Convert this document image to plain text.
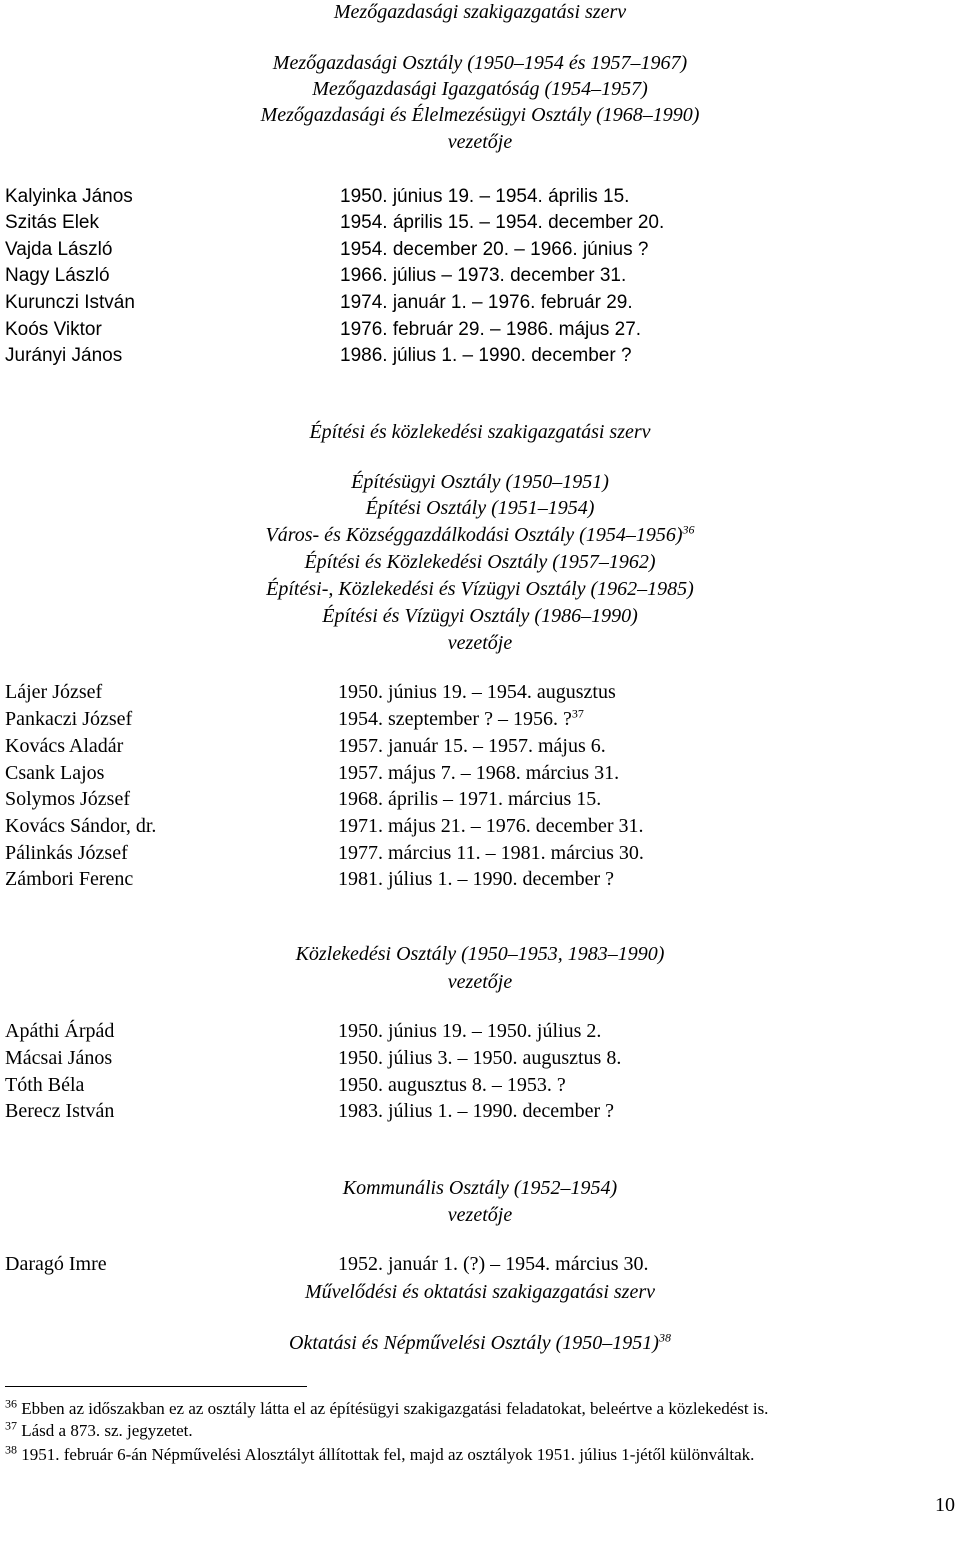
Mezőgazdasági szakigazgatási szerv
Mezőgazdasági Osztály (1950–1954 és 1957–1967)
Mezőgazdasági Igazgatóság (1954–1957)
Mezőgazdasági és Élelmezésügyi Osztály (1968–1990)
vezetője
Kalyinka János	1950. június 19. – 1954. április 15.
Szitás Elek	1954. április 15. – 1954. december 20.
Vajda László	1954. december 20. – 1966. június ?
Nagy László	1966. július – 1973. december 31.
Kurunczi István	1974. január 1. – 1976. február 29.
Koós Viktor	1976. február 29. – 1986. május 27.
Jurányi János	1986. július 1. – 1990. december ?
Építési és közlekedési szakigazgatási szerv
Építésügyi Osztály (1950–1951)
Építési Osztály (1951–1954)
Város- és Községgazdálkodási Osztály (1954–1956)$^{36}$
Építési és Közlekedési Osztály (1957–1962)
Építési-, Közlekedési és Vízügyi Osztály (1962–1985)
Építési és Vízügyi Osztály (1986–1990)
vezetője
Lájer József	1950. június 19. – 1954. augusztus
Pankaczi József	1954. szeptember ? – 1956. ?$^{37}$
Kovács Aladár	1957. január 15. – 1957. május 6.
Csank Lajos	1957. május 7. – 1968. március 31.
Solymos József	1968. április – 1971. március 15.
Kovács Sándor, dr.	1971. május 21. – 1976. december 31.
Pálinkás József	1977. március 11. – 1981. március 30.
Zámbori Ferenc	1981. július 1. – 1990. december ?
Közlekedési Osztály (1950–1953, 1983–1990)
vezetője
Apáthi Árpád	1950. június 19. – 1950. július 2.
Mácsai János	1950. július 3. – 1950. augusztus 8.
Tóth Béla	1950. augusztus 8. – 1953. ?
Berecz István	1983. július 1. – 1990. december ?
Kommunális Osztály (1952–1954)
vezetője
Daragó Imre	1952. január 1. (?) – 1954. március 30.
Művelődési és oktatási szakigazgatási szerv
Oktatási és Népművelési Osztály (1950–1951)$^{38}$
$^{36}$ Ebben az időszakban ez az osztály látta el az építésügyi szakigazgatási feladatokat, beleértve a közlekedést is.
$^{37}$ Lásd a 873. sz. jegyzetet.
$^{38}$ 1951. február 6-án Népművelési Alosztályt állítottak fel, majd az osztályok 1951. július 1-jétől különváltak.
10
